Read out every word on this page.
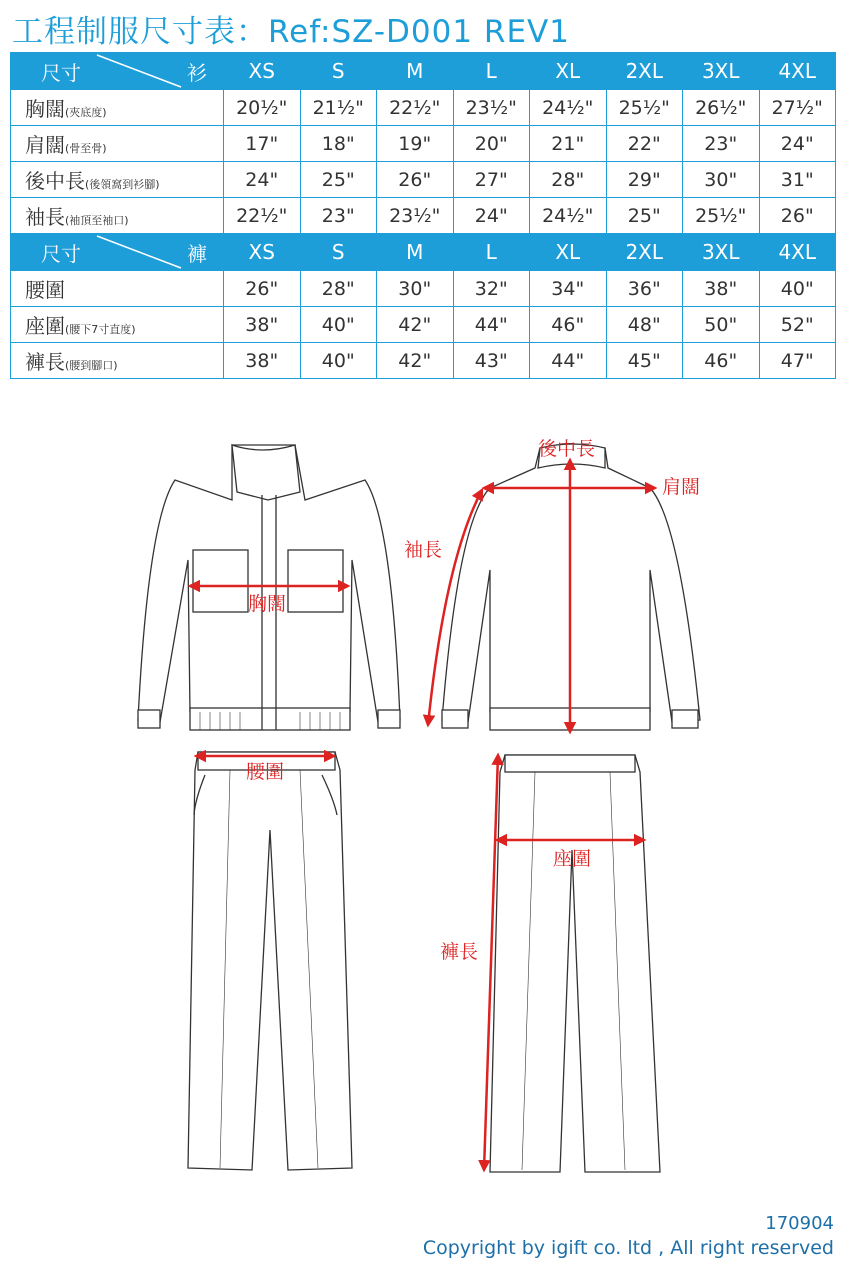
工程制服尺寸表：Ref:SZ-D001 REV1
尺寸 衫	XS	S	M	L	XL	2XL	3XL	4XL
胸闊(夾底度)	20½"	21½"	22½"	23½"	24½"	25½"	26½"	27½"
肩闊(骨至骨)	17"	18"	19"	20"	21"	22"	23"	24"
後中長(後領窩到衫腳)	24"	25"	26"	27"	28"	29"	30"	31"
袖長(袖頂至袖口)	22½"	23"	23½"	24"	24½"	25"	25½"	26"

尺寸 褲	XS	S	M	L	XL	2XL	3XL	4XL
腰圍	26"	28"	30"	32"	34"	36"	38"	40"
座圍(腰下7寸直度)	38"	40"	42"	44"	46"	48"	50"	52"
褲長(腰到腳口)	38"	40"	42"	43"	44"	45"	46"	47"
胸闊
後中長
肩闊
袖長
腰圍
座圍
褲長
170904
Copyright by igift co. ltd , All right reserved
